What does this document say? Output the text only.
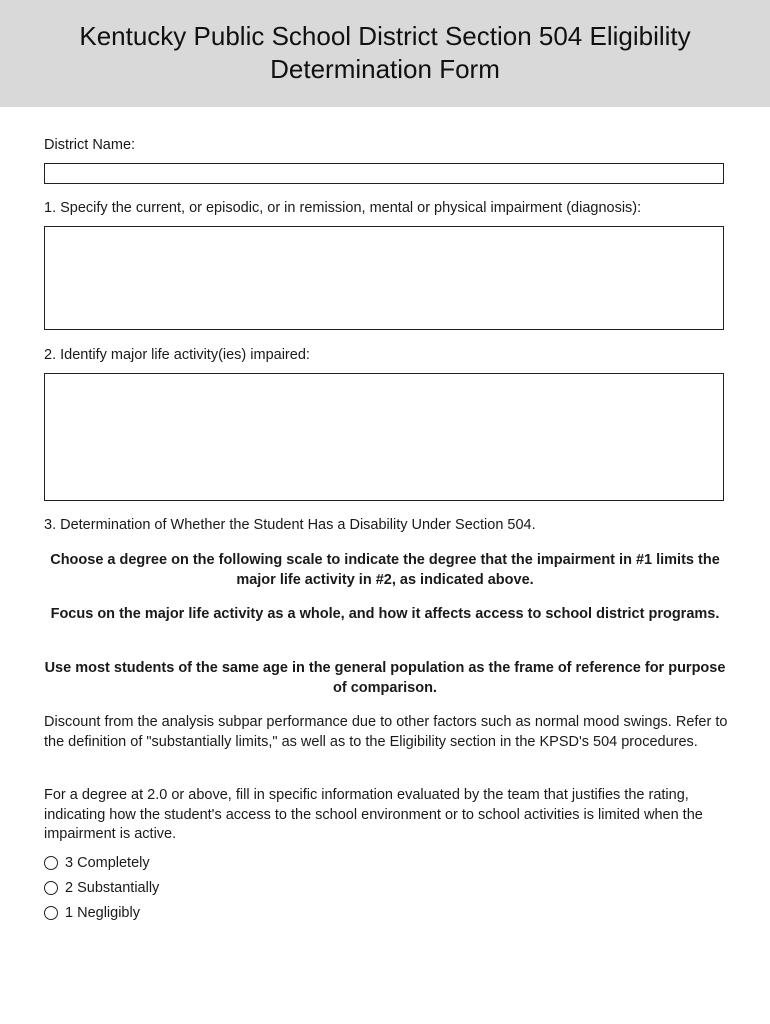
Kentucky Public School District Section 504 Eligibility Determination Form
District Name:
1. Specify the current, or episodic, or in remission, mental or physical impairment (diagnosis):
2. Identify major life activity(ies) impaired:
3. Determination of Whether the Student Has a Disability Under Section 504.
Choose a degree on the following scale to indicate the degree that the impairment in #1 limits the major life activity in #2, as indicated above.
Focus on the major life activity as a whole, and how it affects access to school district programs.
Use most students of the same age in the general population as the frame of reference for purpose of comparison.
Discount from the analysis subpar performance due to other factors such as normal mood swings. Refer to the definition of "substantially limits," as well as to the Eligibility section in the KPSD's 504 procedures.
For a degree at 2.0 or above, fill in specific information evaluated by the team that justifies the rating, indicating how the student's access to the school environment or to school activities is limited when the impairment is active.
3 Completely
2 Substantially
1 Negligibly
